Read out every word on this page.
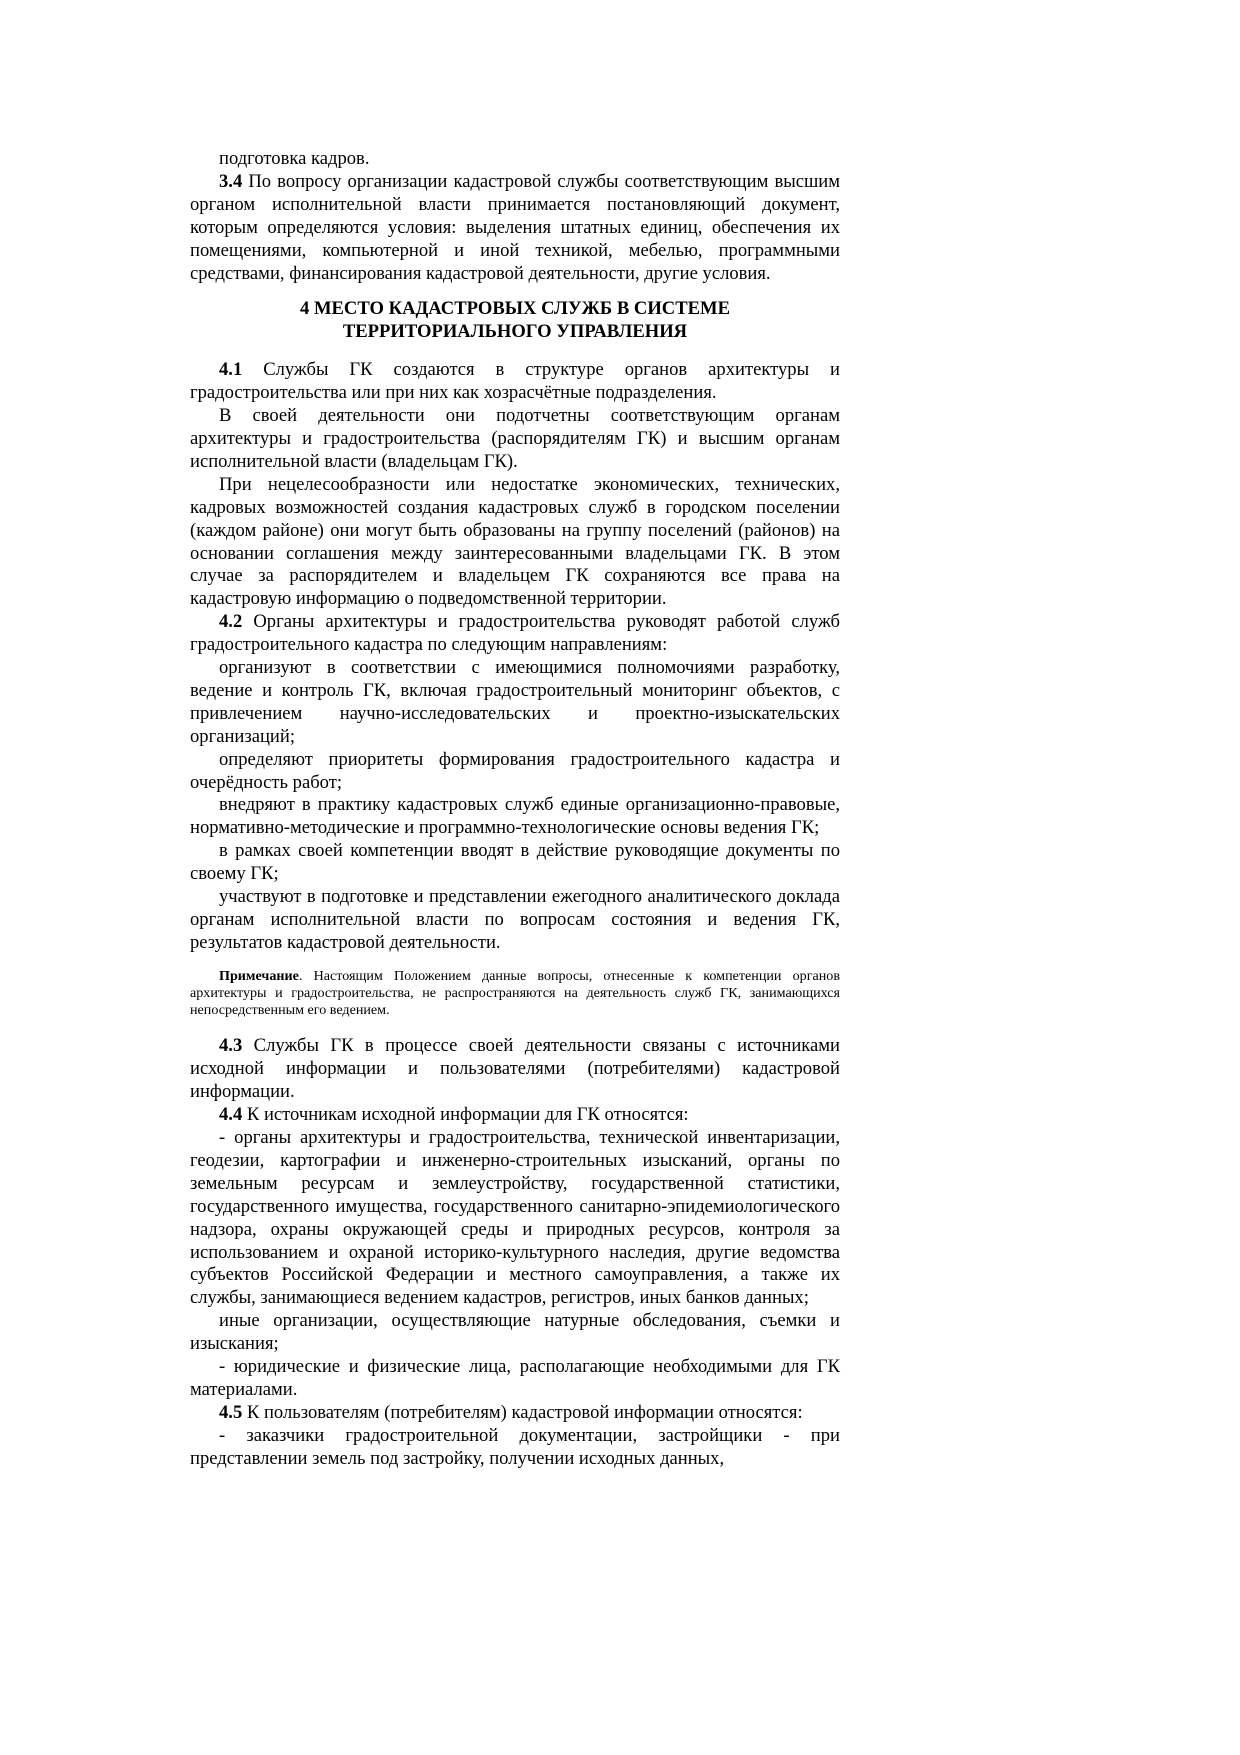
подготовка кадров.

3.4 По вопросу организации кадастровой службы соответствующим высшим органом исполнительной власти принимается постановляющий документ, которым определяются условия: выделения штатных единиц, обеспечения их помещениями, компьютерной и иной техникой, мебелью, программными средствами, финансирования кадастровой деятельности, другие условия.

4 МЕСТО КАДАСТРОВЫХ СЛУЖБ В СИСТЕМЕ
ТЕРРИТОРИАЛЬНОГО УПРАВЛЕНИЯ

4.1 Службы ГК создаются в структуре органов архитектуры и градостроительства или при них как хозрасчётные подразделения.

В своей деятельности они подотчетны соответствующим органам архитектуры и градостроительства (распорядителям ГК) и высшим органам исполнительной власти (владельцам ГК).

При нецелесообразности или недостатке экономических, технических, кадровых возможностей создания кадастровых служб в городском поселении (каждом районе) они могут быть образованы на группу поселений (районов) на основании соглашения между заинтересованными владельцами ГК. В этом случае за распорядителем и владельцем ГК сохраняются все права на кадастровую информацию о подведомственной территории.

4.2 Органы архитектуры и градостроительства руководят работой служб градостроительного кадастра по следующим направлениям:

организуют в соответствии с имеющимися полномочиями разработку, ведение и контроль ГК, включая градостроительный мониторинг объектов, с привлечением научно-исследовательских и проектно-изыскательских организаций;

определяют приоритеты формирования градостроительного кадастра и очерёдность работ;

внедряют в практику кадастровых служб единые организационно-правовые, нормативно-методические и программно-технологические основы ведения ГК;

в рамках своей компетенции вводят в действие руководящие документы по своему ГК;

участвуют в подготовке и представлении ежегодного аналитического доклада органам исполнительной власти по вопросам состояния и ведения ГК, результатов кадастровой деятельности.

Примечание. Настоящим Положением данные вопросы, отнесенные к компетенции органов архитектуры и градостроительства, не распространяются на деятельность служб ГК, занимающихся непосредственным его ведением.

4.3 Службы ГК в процессе своей деятельности связаны с источниками исходной информации и пользователями (потребителями) кадастровой информации.

4.4 К источникам исходной информации для ГК относятся:

- органы архитектуры и градостроительства, технической инвентаризации, геодезии, картографии и инженерно-строительных изысканий, органы по земельным ресурсам и землеустройству, государственной статистики, государственного имущества, государственного санитарно-эпидемиологического надзора, охраны окружающей среды и природных ресурсов, контроля за использованием и охраной историко-культурного наследия, другие ведомства субъектов Российской Федерации и местного самоуправления, а также их службы, занимающиеся ведением кадастров, регистров, иных банков данных;

иные организации, осуществляющие натурные обследования, съемки и изыскания;

- юридические и физические лица, располагающие необходимыми для ГК материалами.

4.5 К пользователям (потребителям) кадастровой информации относятся:

- заказчики градостроительной документации, застройщики - при представлении земель под застройку, получении исходных данных,
